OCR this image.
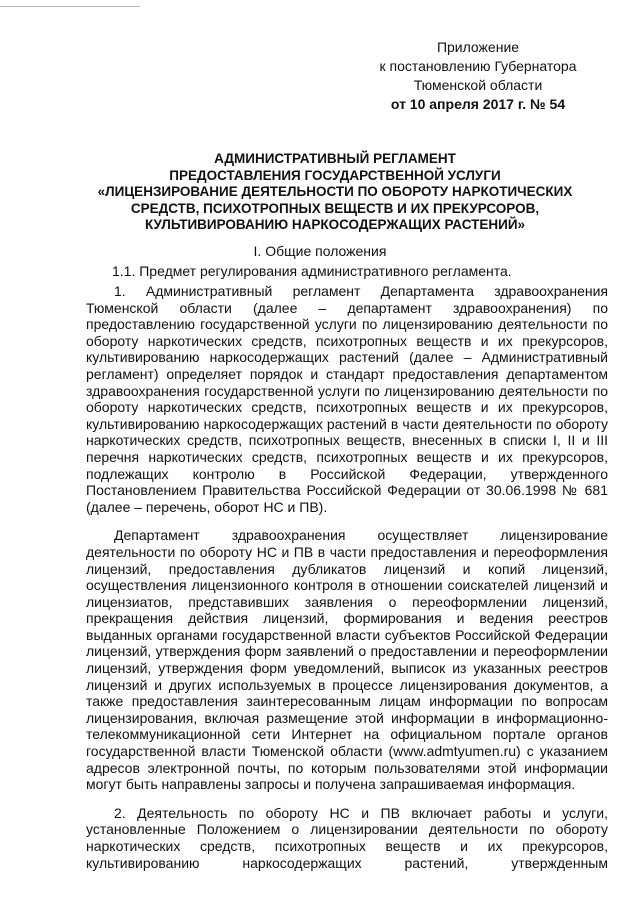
Приложение
к постановлению Губернатора
Тюменской области
от 10 апреля 2017 г. № 54
АДМИНИСТРАТИВНЫЙ РЕГЛАМЕНТ
ПРЕДОСТАВЛЕНИЯ ГОСУДАРСТВЕННОЙ УСЛУГИ
«ЛИЦЕНЗИРОВАНИЕ ДЕЯТЕЛЬНОСТИ ПО ОБОРОТУ НАРКОТИЧЕСКИХ
СРЕДСТВ, ПСИХОТРОПНЫХ ВЕЩЕСТВ И ИХ ПРЕКУРСОРОВ,
КУЛЬТИВИРОВАНИЮ НАРКОСОДЕРЖАЩИХ РАСТЕНИЙ»
I. Общие положения
1.1. Предмет регулирования административного регламента.

1. Административный регламент Департамента здравоохранения Тюменской области (далее – департамент здравоохранения) по предоставлению государственной услуги по лицензированию деятельности по обороту наркотических средств, психотропных веществ и их прекурсоров, культивированию наркосодержащих растений (далее – Административный регламент) определяет порядок и стандарт предоставления департаментом здравоохранения государственной услуги по лицензированию деятельности по обороту наркотических средств, психотропных веществ и их прекурсоров, культивированию наркосодержащих растений в части деятельности по обороту наркотических средств, психотропных веществ, внесенных в списки I, II и III перечня наркотических средств, психотропных веществ и их прекурсоров, подлежащих контролю в Российской Федерации, утвержденного Постановлением Правительства Российской Федерации от 30.06.1998 № 681 (далее – перечень, оборот НС и ПВ).

Департамент здравоохранения осуществляет лицензирование деятельности по обороту НС и ПВ в части предоставления и переоформления лицензий, предоставления дубликатов лицензий и копий лицензий, осуществления лицензионного контроля в отношении соискателей лицензий и лицензиатов, представивших заявления о переоформлении лицензий, прекращения действия лицензий, формирования и ведения реестров выданных органами государственной власти субъектов Российской Федерации лицензий, утверждения форм заявлений о предоставлении и переоформлении лицензий, утверждения форм уведомлений, выписок из указанных реестров лицензий и других используемых в процессе лицензирования документов, а также предоставления заинтересованным лицам информации по вопросам лицензирования, включая размещение этой информации в информационно-телекоммуникационной сети Интернет на официальном портале органов государственной власти Тюменской области (www.admtyumen.ru) с указанием адресов электронной почты, по которым пользователями этой информации могут быть направлены запросы и получена запрашиваемая информация.

2. Деятельность по обороту НС и ПВ включает работы и услуги, установленные Положением о лицензировании деятельности по обороту наркотических средств, психотропных веществ и их прекурсоров, культивированию наркосодержащих растений, утвержденным
